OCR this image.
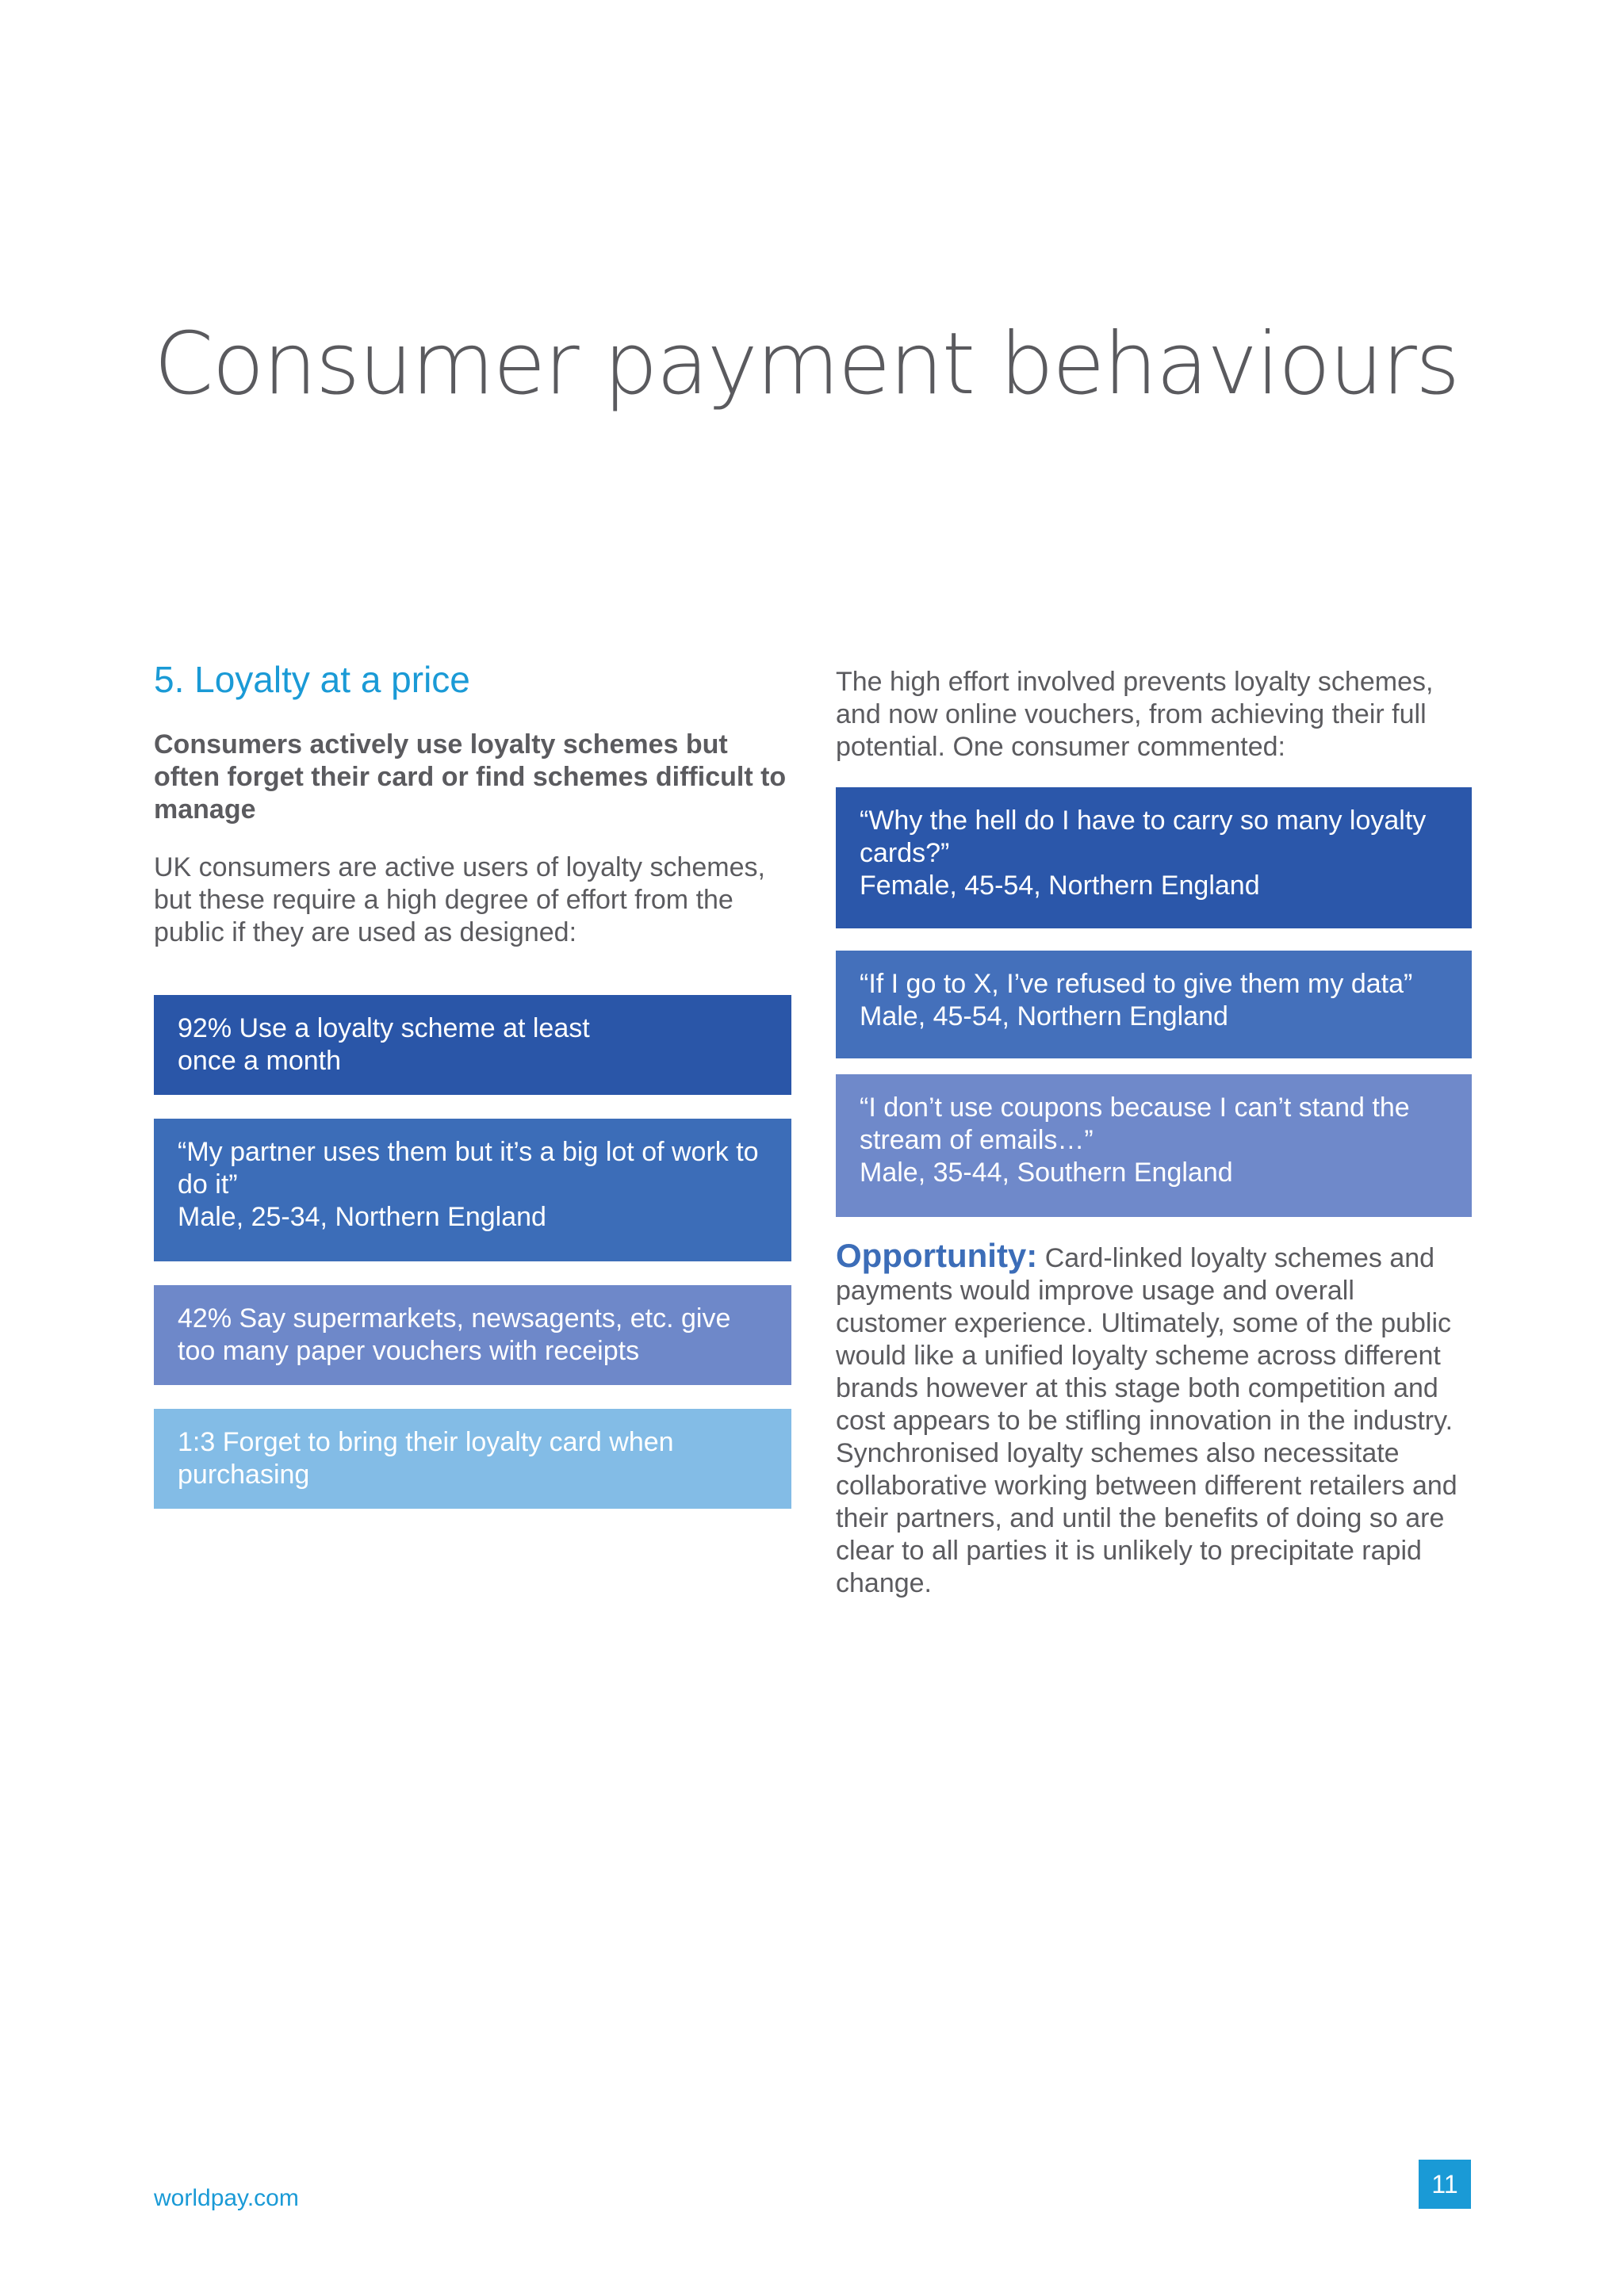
Consumer payment behaviours
5. Loyalty at a price

Consumers actively use loyalty schemes but often forget their card or find schemes difficult to manage

UK consumers are active users of loyalty schemes, but these require a high degree of effort from the public if they are used as designed:

92% Use a loyalty scheme at least
once a month
“My partner uses them but it’s a big lot of work to do it”
Male, 25-34, Northern England
42% Say supermarkets, newsagents, etc. give too many paper vouchers with receipts
1:3 Forget to bring their loyalty card when purchasing

The high effort involved prevents loyalty schemes, and now online vouchers, from achieving their full potential. One consumer commented:

“Why the hell do I have to carry so many loyalty cards?”
Female, 45-54, Northern England
“If I go to X, I’ve refused to give them my data”
Male, 45-54, Northern England
“I don’t use coupons because I can’t stand the stream of emails…”
Male, 35-44, Southern England

Opportunity: Card-linked loyalty schemes and payments would improve usage and overall customer experience. Ultimately, some of the public would like a unified loyalty scheme across different brands however at this stage both competition and cost appears to be stifling innovation in the industry. Synchronised loyalty schemes also necessitate collaborative working between different retailers and their partners, and until the benefits of doing so are clear to all parties it is unlikely to precipitate rapid change.

worldpay.com	11
